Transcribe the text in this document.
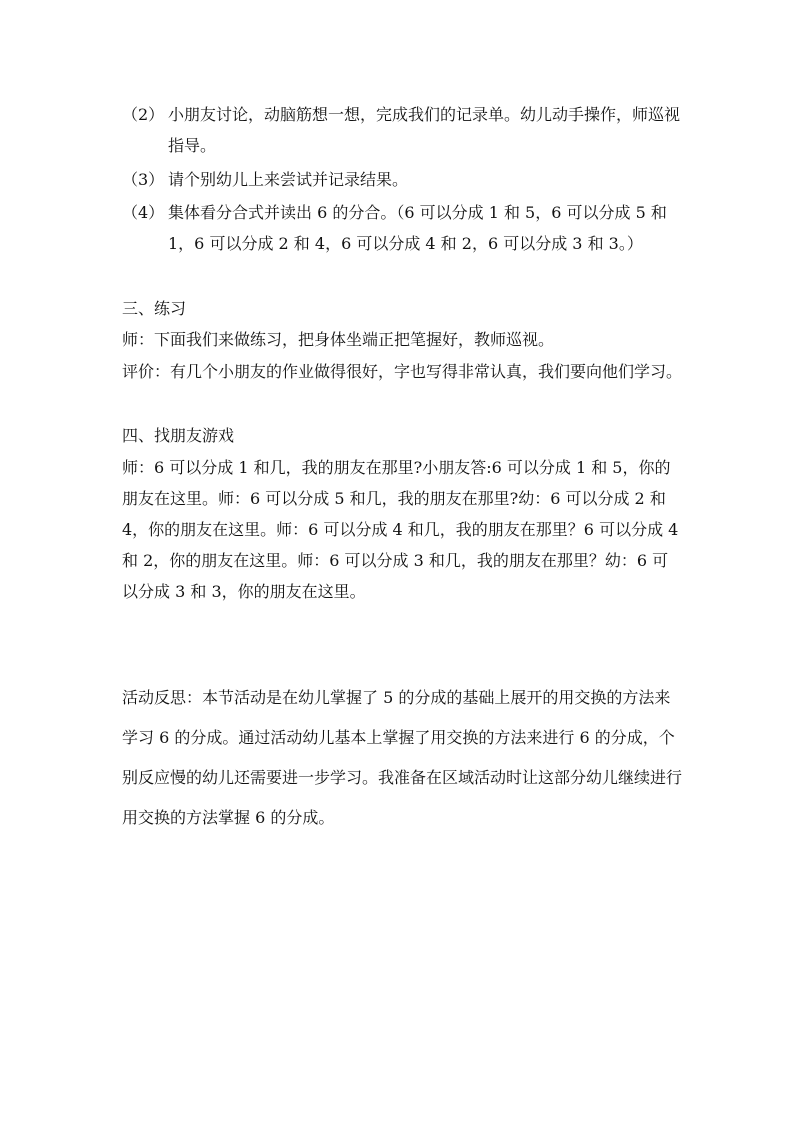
（2） 小朋友讨论，动脑筋想一想，完成我们的记录单。幼儿动手操作，师巡视指导。
（3） 请个别幼儿上来尝试并记录结果。
（4） 集体看分合式并读出 6 的分合。（6 可以分成 1 和 5，6 可以分成 5 和 1，6 可以分成 2 和 4，6 可以分成 4 和 2，6 可以分成 3 和 3。）
三、练习
师：下面我们来做练习，把身体坐端正把笔握好，教师巡视。
评价：有几个小朋友的作业做得很好，字也写得非常认真，我们要向他们学习。
四、找朋友游戏
师：6 可以分成 1 和几，我的朋友在那里?小朋友答:6 可以分成 1 和 5，你的朋友在这里。师：6 可以分成 5 和几，我的朋友在那里?幼：6 可以分成 2 和 4，你的朋友在这里。师：6 可以分成 4 和几，我的朋友在那里？6 可以分成 4 和 2，你的朋友在这里。师：6 可以分成 3 和几，我的朋友在那里？幼：6 可以分成 3 和 3，你的朋友在这里。
活动反思：本节活动是在幼儿掌握了 5 的分成的基础上展开的用交换的方法来学习 6 的分成。通过活动幼儿基本上掌握了用交换的方法来进行 6 的分成，个别反应慢的幼儿还需要进一步学习。我准备在区域活动时让这部分幼儿继续进行用交换的方法掌握 6 的分成。
